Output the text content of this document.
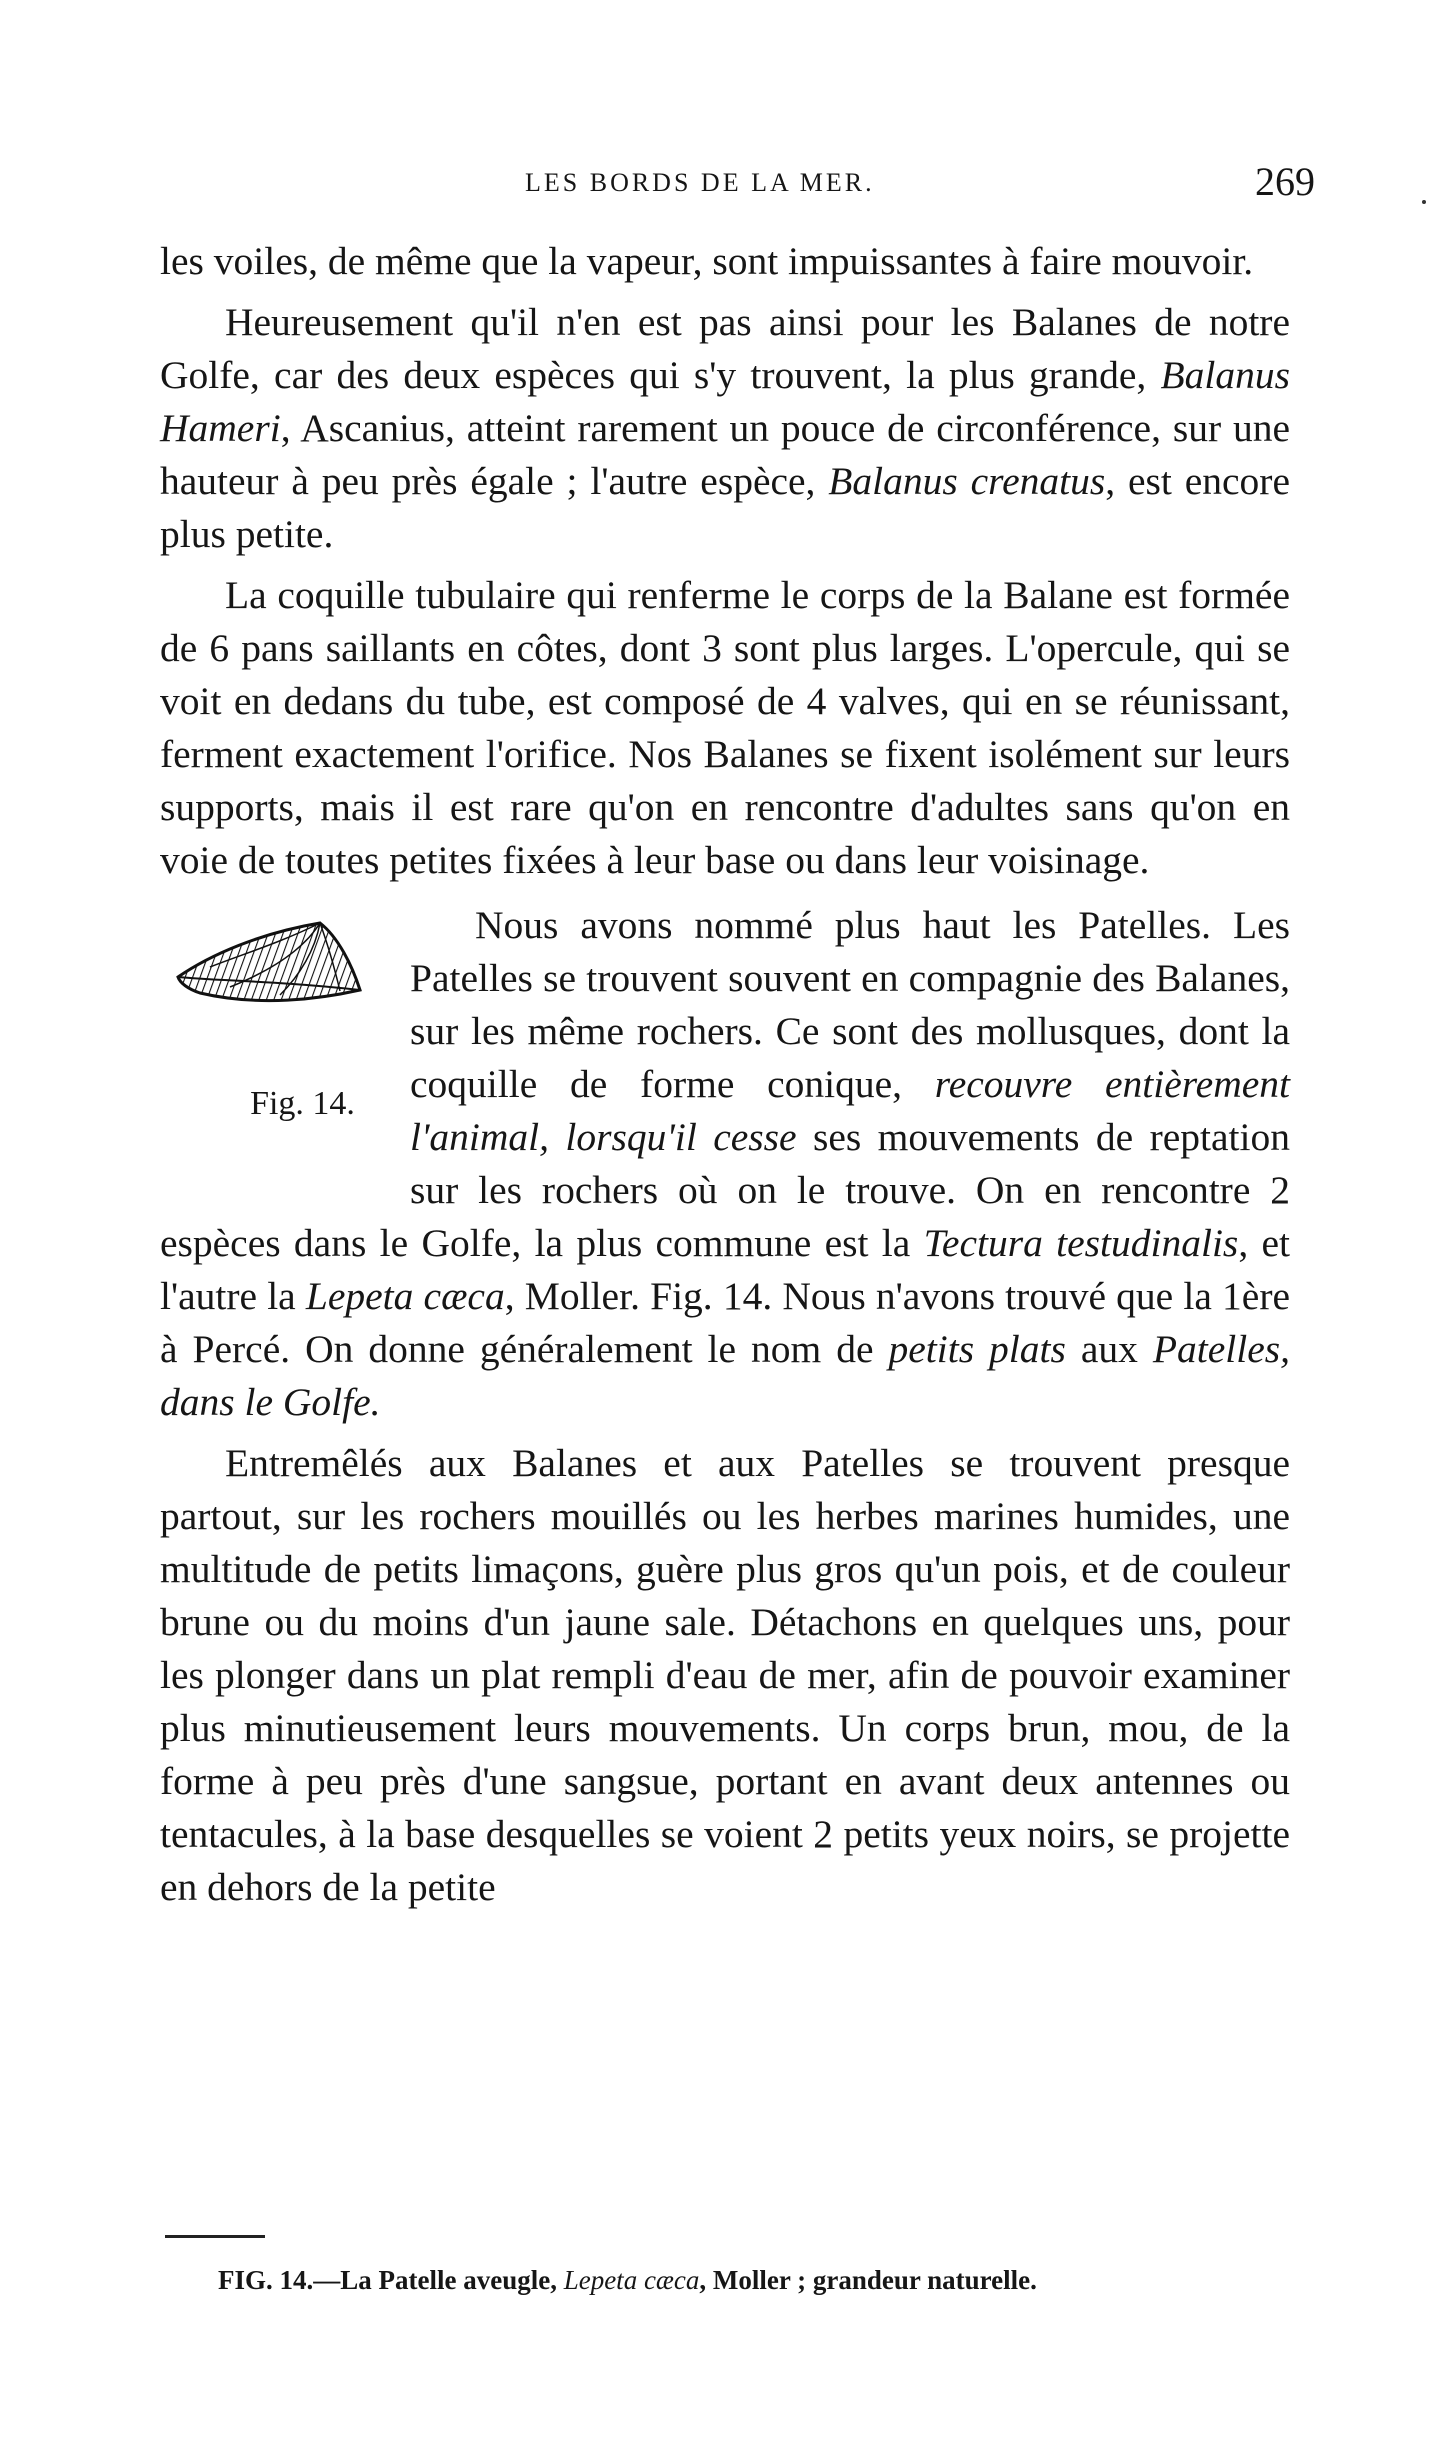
LES BORDS DE LA MER.	269

les voiles, de même que la vapeur, sont impuissantes à faire mouvoir.

Heureusement qu'il n'en est pas ainsi pour les Balanes de notre Golfe, car des deux espèces qui s'y trouvent, la plus grande, Balanus Hameri, Ascanius, atteint rarement un pouce de circonférence, sur une hauteur à peu près égale ; l'autre espèce, Balanus crenatus, est encore plus petite.

La coquille tubulaire qui renferme le corps de la Balane est formée de 6 pans saillants en côtes, dont 3 sont plus larges. L'opercule, qui se voit en dedans du tube, est composé de 4 valves, qui en se réunissant, ferment exactement l'orifice. Nos Balanes se fixent isolément sur leurs supports, mais il est rare qu'on en rencontre d'adultes sans qu'on en voie de toutes petites fixées à leur base ou dans leur voisinage.

Fig. 14.
Nous avons nommé plus haut les Patelles. Les Patelles se trouvent souvent en compagnie des Balanes, sur les même rochers. Ce sont des mollusques, dont la coquille de forme conique, recouvre entièrement l'animal, lorsqu'il cesse ses mouvements de reptation sur les rochers où on le trouve. On en rencontre 2 espèces dans le Golfe, la plus commune est la Tectura testudinalis, et l'autre la Lepeta cæca, Moller. Fig. 14. Nous n'avons trouvé que la 1ère à Percé. On donne généralement le nom de petits plats aux Patelles, dans le Golfe.

Entremêlés aux Balanes et aux Patelles se trouvent presque partout, sur les rochers mouillés ou les herbes marines humides, une multitude de petits limaçons, guère plus gros qu'un pois, et de couleur brune ou du moins d'un jaune sale. Détachons en quelques uns, pour les plonger dans un plat rempli d'eau de mer, afin de pouvoir examiner plus minutieusement leurs mouvements. Un corps brun, mou, de la forme à peu près d'une sangsue, portant en avant deux antennes ou tentacules, à la base desquelles se voient 2 petits yeux noirs, se projette en dehors de la petite

FIG. 14.—La Patelle aveugle, Lepeta cæca, Moller ; grandeur naturelle.
